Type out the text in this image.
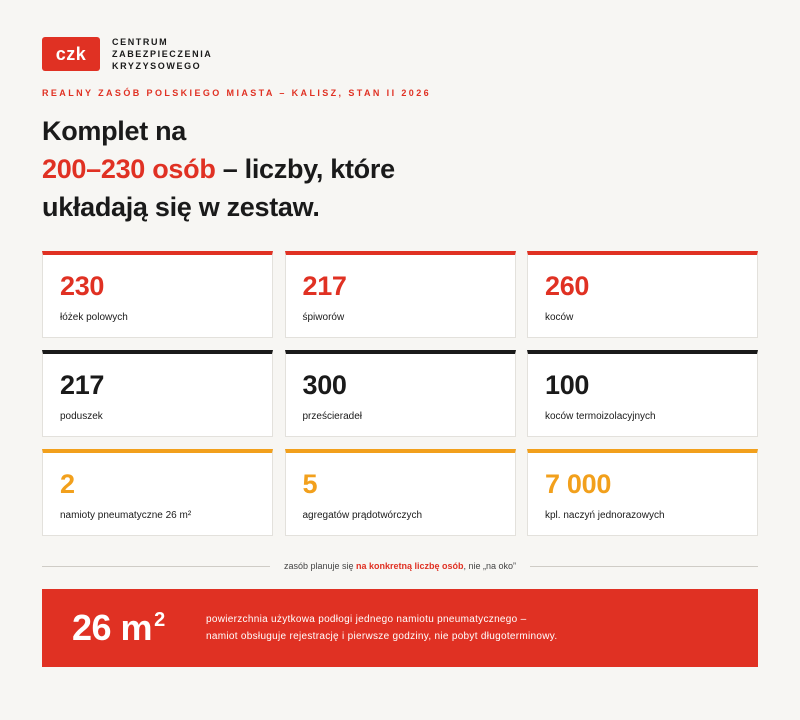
czk
CENTRUM
ZABEZPIECZENIA
KRYZYSOWEGO
REALNY ZASÓB POLSKIEGO MIASTA – KALISZ, STAN II 2026
Komplet na
200–230 osób – liczby, które
układają się w zestaw.
230
łóżek polowych
217
śpiworów
260
koców
217
poduszek
300
prześcieradeł
100
koców termoizolacyjnych
2
namioty pneumatyczne 26 m²
5
agregatów prądotwórczych
7 000
kpl. naczyń jednorazowych
zasób planuje się na konkretną liczbę osób, nie „na oko”
26 m $^2$	powierzchnia użytkowa podłogi jednego namiotu pneumatycznego –
namiot obsługuje rejestrację i pierwsze godziny, nie pobyt długoterminowy.
